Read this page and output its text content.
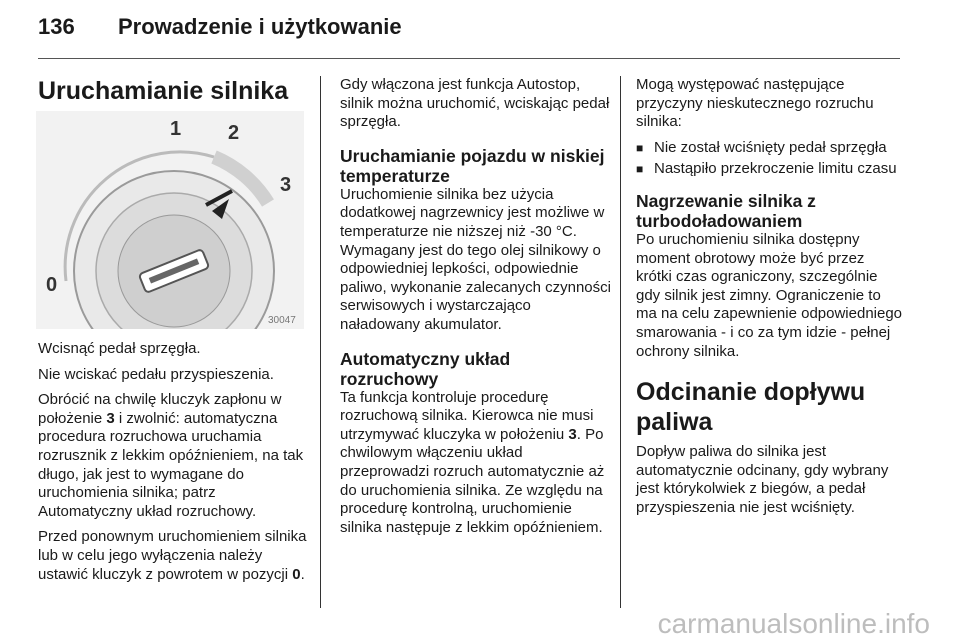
136 Prowadzenie i użytkowanie
Uruchamianie silnika
1 2
3
0
30047

Wcisnąć pedał sprzęgła.

Nie wciskać pedału przyspieszenia.

Obrócić na chwilę kluczyk zapłonu w położenie 3 i zwolnić: automatyczna procedura rozruchowa uruchamia rozrusznik z lekkim opóźnieniem, na tak długo, jak jest to wymagane do uruchomienia silnika; patrz Automatyczny układ rozruchowy.

Przed ponownym uruchomieniem silnika lub w celu jego wyłączenia należy ustawić kluczyk z powrotem w pozycji 0.

Gdy włączona jest funkcja Autostop, silnik można uruchomić, wciskając pedał sprzęgła.

Uruchamianie pojazdu w niskiej temperaturze

Uruchomienie silnika bez użycia dodatkowej nagrzewnicy jest możliwe w temperaturze nie niższej niż -30 °C. Wymagany jest do tego olej silnikowy o odpowiedniej lepkości, odpowiednie paliwo, wykonanie zalecanych czynności serwisowych i wystarczająco naładowany akumulator.

Automatyczny układ rozruchowy

Ta funkcja kontroluje procedurę rozruchową silnika. Kierowca nie musi utrzymywać kluczyka w położeniu 3. Po chwilowym włączeniu układ przeprowadzi rozruch automatycznie aż do uruchomienia silnika. Ze względu na procedurę kontrolną, uruchomienie silnika następuje z lekkim opóźnieniem.

Mogą występować następujące przyczyny nieskutecznego rozruchu silnika:

■ Nie został wciśnięty pedał sprzęgła
■ Nastąpiło przekroczenie limitu czasu
Nagrzewanie silnika z turbodoładowaniem

Po uruchomieniu silnika dostępny moment obrotowy może być przez krótki czas ograniczony, szczególnie gdy silnik jest zimny. Ograniczenie to ma na celu zapewnienie odpowiedniego smarowania - i co za tym idzie - pełnej ochrony silnika.

Odcinanie dopływu paliwa

Dopływ paliwa do silnika jest automatycznie odcinany, gdy wybrany jest którykolwiek z biegów, a pedał przyspieszenia nie jest wciśnięty.

carmanualsonline.info
